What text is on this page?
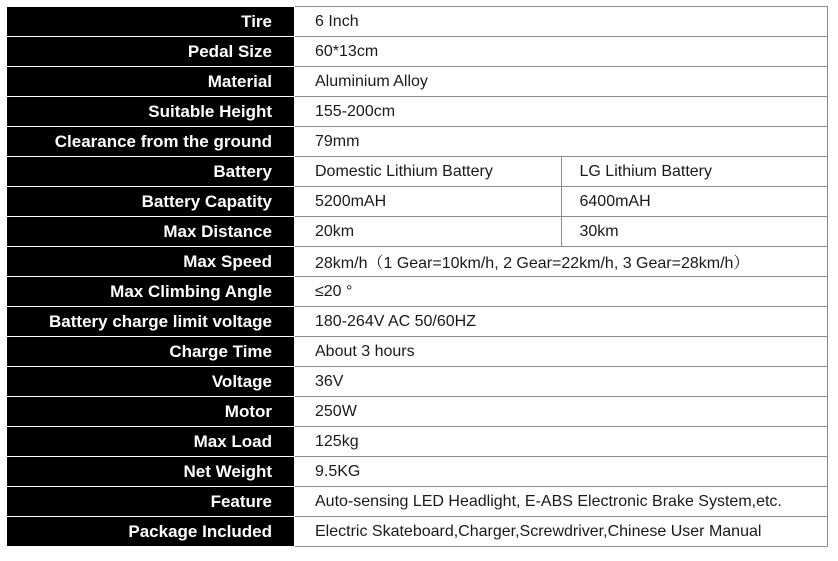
Tire	6 Inch	
Pedal Size	60*13cm	
Material	Aluminium Alloy	
Suitable Height	155-200cm	
Clearance from the ground	79mm	
Battery	Domestic Lithium Battery	LG Lithium Battery
Battery Capatity	5200mAH	6400mAH
Max Distance	20km	30km
Max Speed	28km/h（1 Gear=10km/h, 2 Gear=22km/h, 3 Gear=28km/h）	
Max Climbing Angle	≤20 °	
Battery charge limit voltage	180-264V AC 50/60HZ	
Charge Time	About 3 hours	
Voltage	36V	
Motor	250W	
Max Load	125kg	
Net Weight	9.5KG	
Feature	Auto-sensing LED Headlight, E-ABS Electronic Brake System,etc.	
Package Included	Electric Skateboard,Charger,Screwdriver,Chinese User Manual	
